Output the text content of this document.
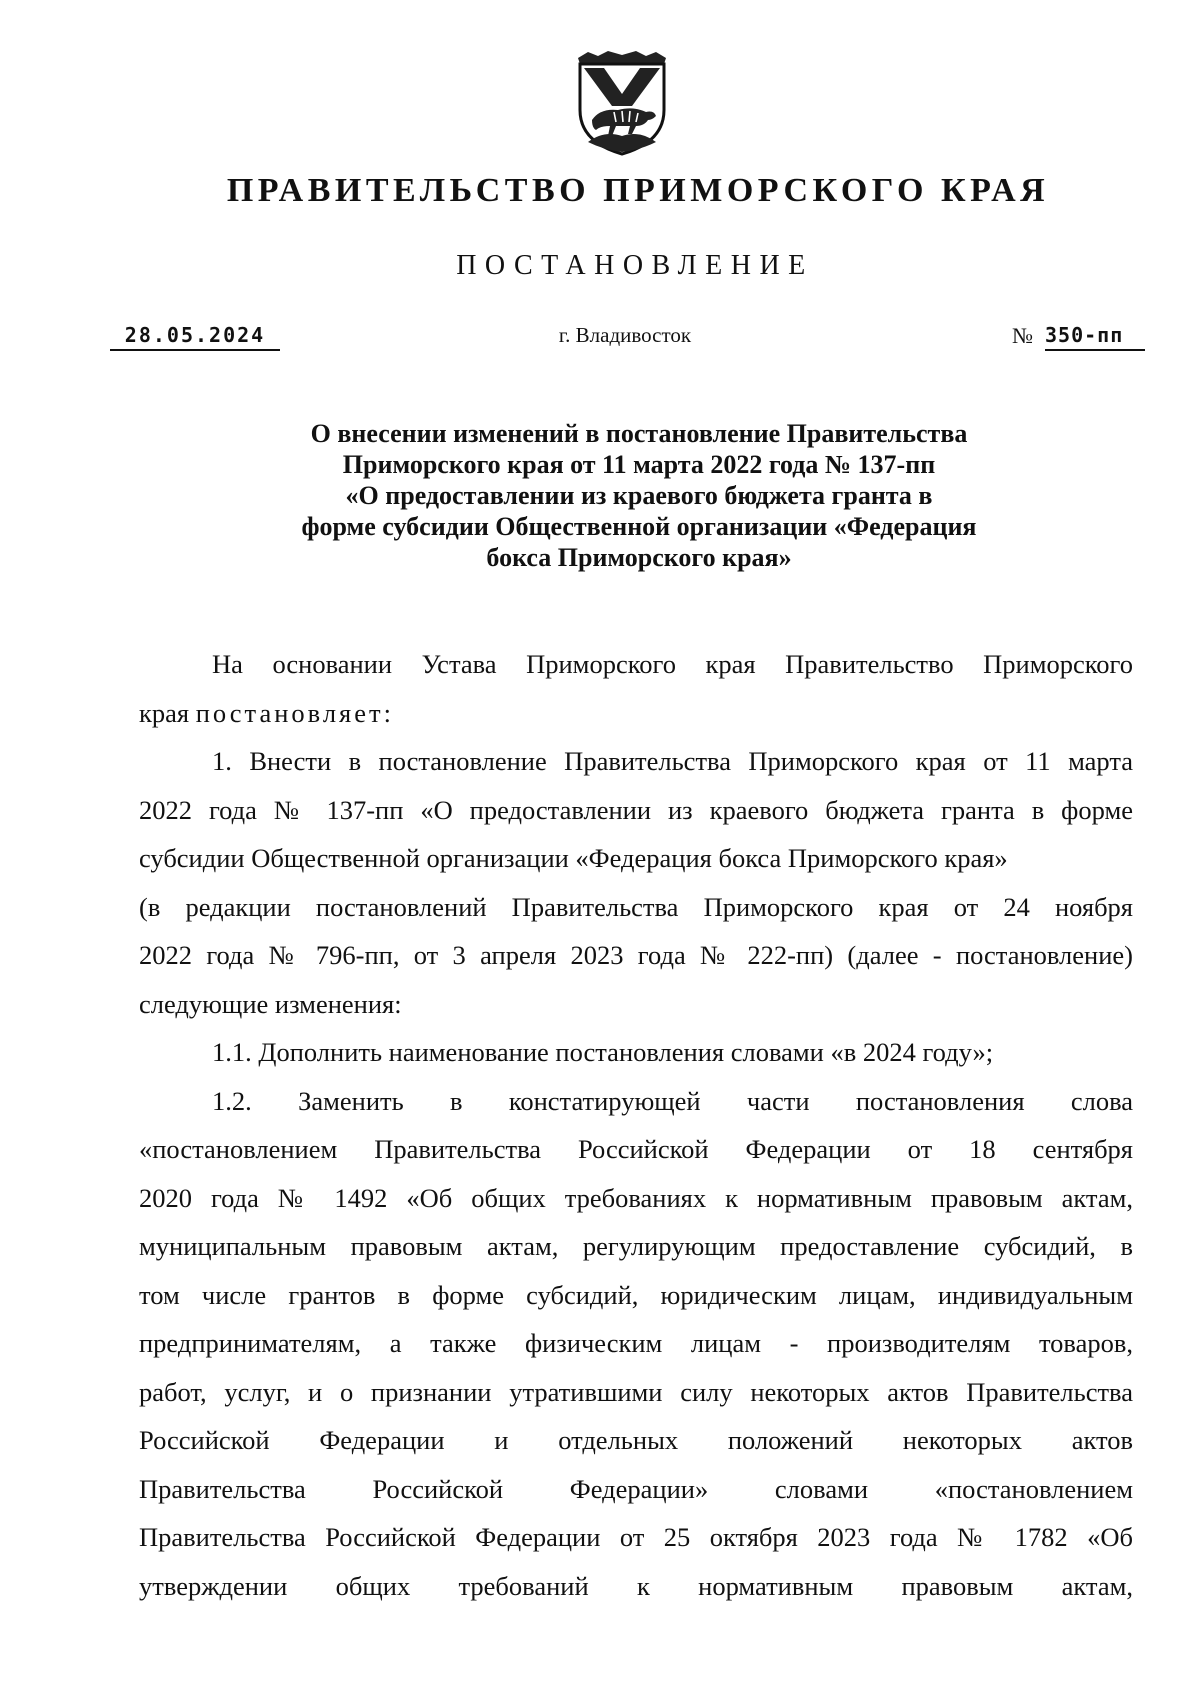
ПРАВИТЕЛЬСТВО ПРИМОРСКОГО КРАЯ
ПОСТАНОВЛЕНИЕ
28.05.2024	г. Владивосток	№ 350-пп
О внесении изменений в постановление Правительства
Приморского края от 11 марта 2022 года № 137-пп
«О предоставлении из краевого бюджета гранта в
форме субсидии Общественной организации «Федерация
бокса Приморского края»
На основании Устава Приморского края Правительство Приморского
края постановляет:
1. Внести в постановление Правительства Приморского края от 11 марта
2022 года № 137-пп «О предоставлении из краевого бюджета гранта в форме
субсидии Общественной организации «Федерация бокса Приморского края»
(в редакции постановлений Правительства Приморского края от 24 ноября
2022 года № 796-пп, от 3 апреля 2023 года № 222-пп) (далее - постановление)
следующие изменения:
1.1. Дополнить наименование постановления словами «в 2024 году»;
1.2. Заменить в констатирующей части постановления слова
«постановлением Правительства Российской Федерации от 18 сентября
2020 года № 1492 «Об общих требованиях к нормативным правовым актам,
муниципальным правовым актам, регулирующим предоставление субсидий, в
том числе грантов в форме субсидий, юридическим лицам, индивидуальным
предпринимателям, а также физическим лицам - производителям товаров,
работ, услуг, и о признании утратившими силу некоторых актов Правительства
Российской Федерации и отдельных положений некоторых актов
Правительства Российской Федерации» словами «постановлением
Правительства Российской Федерации от 25 октября 2023 года № 1782 «Об
утверждении общих требований к нормативным правовым актам,
